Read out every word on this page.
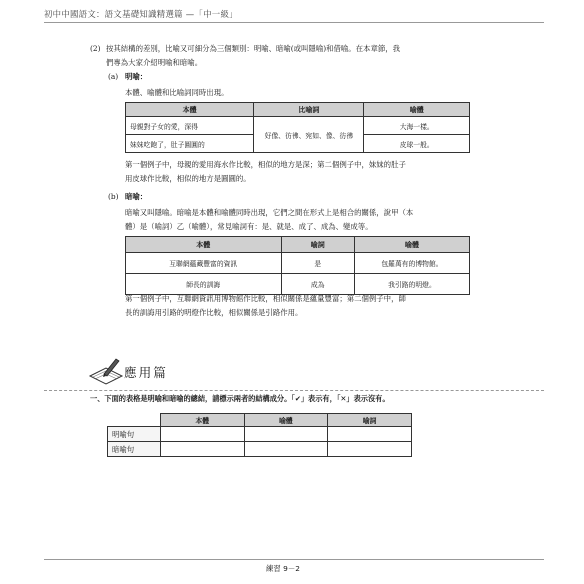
初中中國語文：語文基礎知識精選篇 —「中一級」
(2) 按其結構的差別，比喻又可細分為三個類別：明喻、暗喻(或叫隱喻)和借喻。在本章節，我
們專為大家介紹明喻和暗喻。
(a) 明喻：
本體、喻體和比喻詞同時出現。
本體	比喻詞	喻體
母親對子女的愛，深得	好像、彷彿、宛如、像、彷彿	大海一樣。
妹妹吃飽了，肚子圓圓的		皮球一般。
第一個例子中，母親的愛用海水作比較，相似的地方是深；第二個例子中，妹妹的肚子
用皮球作比較，相似的地方是圓圓的。
(b) 暗喻：
暗喻又叫隱喻。暗喻是本體和喻體同時出現，它們之間在形式上是相合的關係，說甲（本
體）是（喻詞）乙（喻體），常見喻詞有：是、就是、成了、成為、變成等。
本體	喻詞	喻體
互聯網蘊藏豐富的資訊	是	包羅萬有的博物館。
師長的訓誨	成為	我引路的明燈。
第一個例子中，互聯網資訊用博物館作比較，相似關係是蘊量豐富；第二個例子中，師
長的訓誨用引路的明燈作比較，相似關係是引路作用。
應用篇
一、下面的表格是明喻和暗喻的總結，請標示兩者的結構成分。「✔」表示有，「✕」表示沒有。
	本體	喻體	喻詞
明喻句			
暗喻句			
練習 9－2
